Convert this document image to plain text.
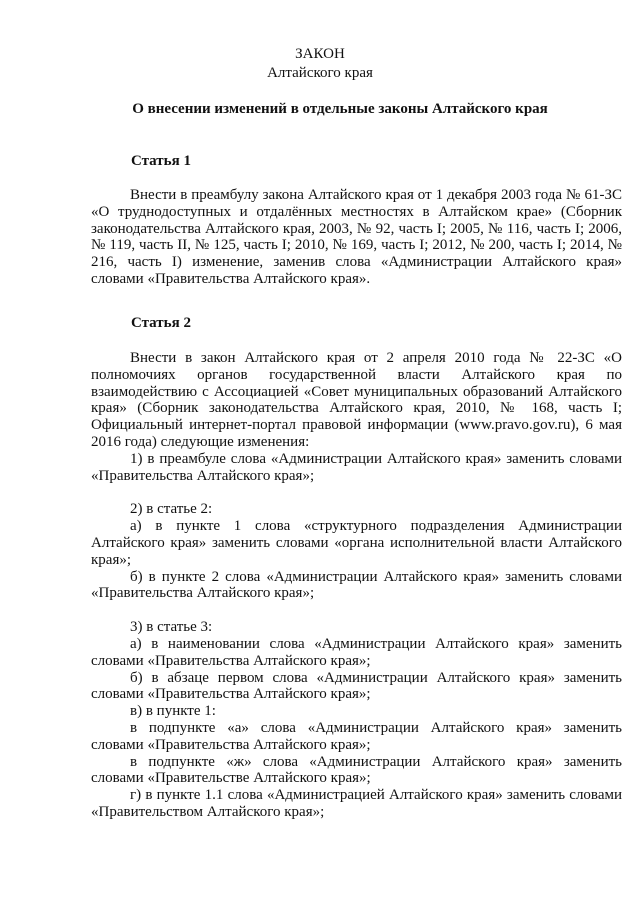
ЗАКОН
Алтайского края
О внесении изменений в отдельные законы Алтайского края
Статья 1

Внести в преамбулу закона Алтайского края от 1 декабря 2003 года № 61-ЗС «О труднодоступных и отдалённых местностях в Алтайском крае» (Сборник законодательства Алтайского края, 2003, № 92, часть I; 2005, № 116, часть I; 2006, № 119, часть II, № 125, часть I; 2010, № 169, часть I; 2012, № 200, часть I; 2014, № 216, часть I) изменение, заменив слова «Администрации Алтайского края» словами «Правительства Алтайского края».

Статья 2

Внести в закон Алтайского края от 2 апреля 2010 года № 22-ЗС «О полномочиях органов государственной власти Алтайского края по взаимодействию с Ассоциацией «Совет муниципальных образований Алтайского края» (Сборник законодательства Алтайского края, 2010, № 168, часть I; Официальный интернет-портал правовой информации (www.pravo.gov.ru), 6 мая 2016 года) следующие изменения:

1) в преамбуле слова «Администрации Алтайского края» заменить словами «Правительства Алтайского края»;

2) в статье 2:

а) в пункте 1 слова «структурного подразделения Администрации Алтайского края» заменить словами «органа исполнительной власти Алтайского края»;

б) в пункте 2 слова «Администрации Алтайского края» заменить словами «Правительства Алтайского края»;

3) в статье 3:

а) в наименовании слова «Администрации Алтайского края» заменить словами «Правительства Алтайского края»;

б) в абзаце первом слова «Администрации Алтайского края» заменить словами «Правительства Алтайского края»;

в) в пункте 1:

в подпункте «а» слова «Администрации Алтайского края» заменить словами «Правительства Алтайского края»;

в подпункте «ж» слова «Администрации Алтайского края» заменить словами «Правительстве Алтайского края»;

г) в пункте 1.1 слова «Администрацией Алтайского края» заменить словами «Правительством Алтайского края»;
